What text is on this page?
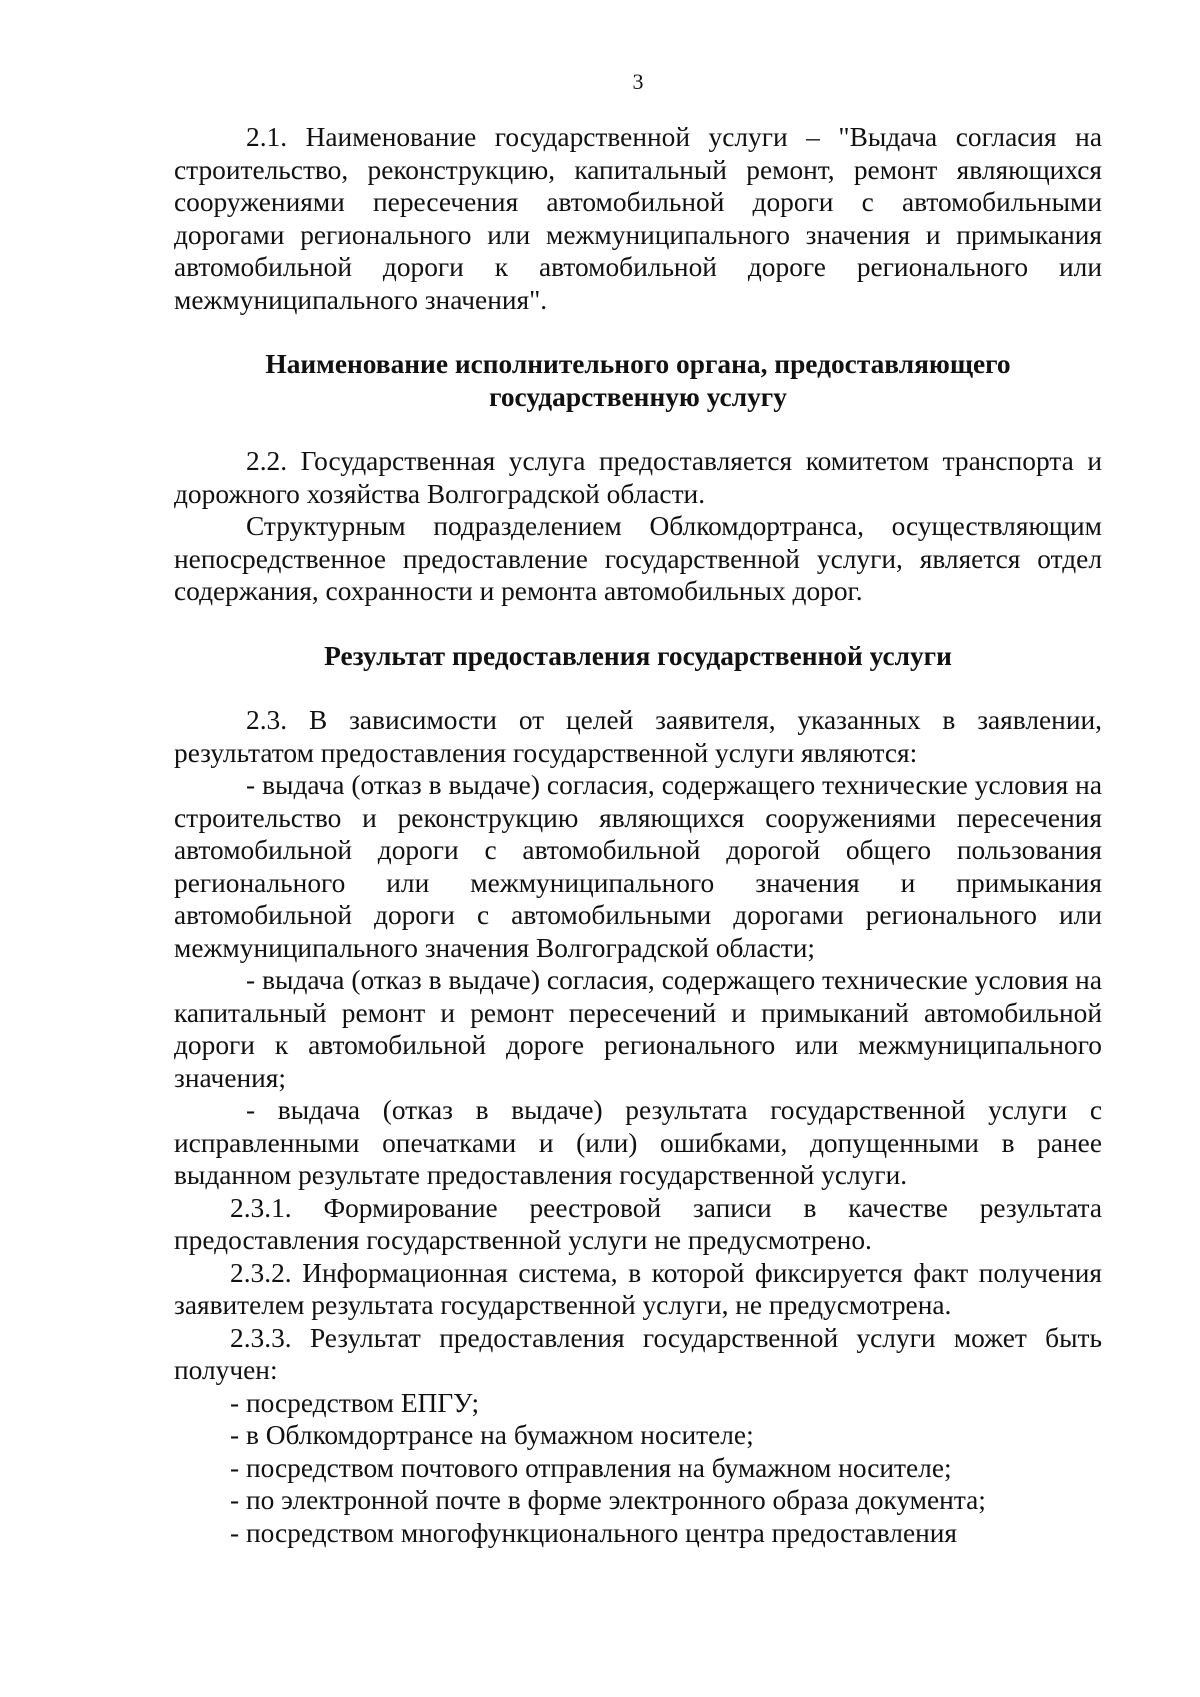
3

2.1. Наименование государственной услуги – "Выдача согласия на строительство, реконструкцию, капитальный ремонт, ремонт являющихся сооружениями пересечения автомобильной дороги с автомобильными дорогами регионального или межмуниципального значения и примыкания автомобильной дороги к автомобильной дороге регионального или межмуниципального значения".

Наименование исполнительного органа, предоставляющего государственную услугу

2.2. Государственная услуга предоставляется комитетом транспорта и дорожного хозяйства Волгоградской области.

Структурным подразделением Облкомдортранса, осуществляющим непосредственное предоставление государственной услуги, является отдел содержания, сохранности и ремонта автомобильных дорог.

Результат предоставления государственной услуги

2.3. В зависимости от целей заявителя, указанных в заявлении, результатом предоставления государственной услуги являются:

- выдача (отказ в выдаче) согласия, содержащего технические условия на строительство и реконструкцию являющихся сооружениями пересечения автомобильной дороги с автомобильной дорогой общего пользования регионального или межмуниципального значения и примыкания автомобильной дороги с автомобильными дорогами регионального или межмуниципального значения Волгоградской области;

- выдача (отказ в выдаче) согласия, содержащего технические условия на капитальный ремонт и ремонт пересечений и примыканий автомобильной дороги к автомобильной дороге регионального или межмуниципального значения;

- выдача (отказ в выдаче) результата государственной услуги с исправленными опечатками и (или) ошибками, допущенными в ранее выданном результате предоставления государственной услуги.

2.3.1. Формирование реестровой записи в качестве результата предоставления государственной услуги не предусмотрено.

2.3.2. Информационная система, в которой фиксируется факт получения заявителем результата государственной услуги, не предусмотрена.

2.3.3. Результат предоставления государственной услуги может быть получен:

- посредством ЕПГУ;

- в Облкомдортрансе на бумажном носителе;

- посредством почтового отправления на бумажном носителе;

- по электронной почте в форме электронного образа документа;

- посредством многофункционального центра предоставления
